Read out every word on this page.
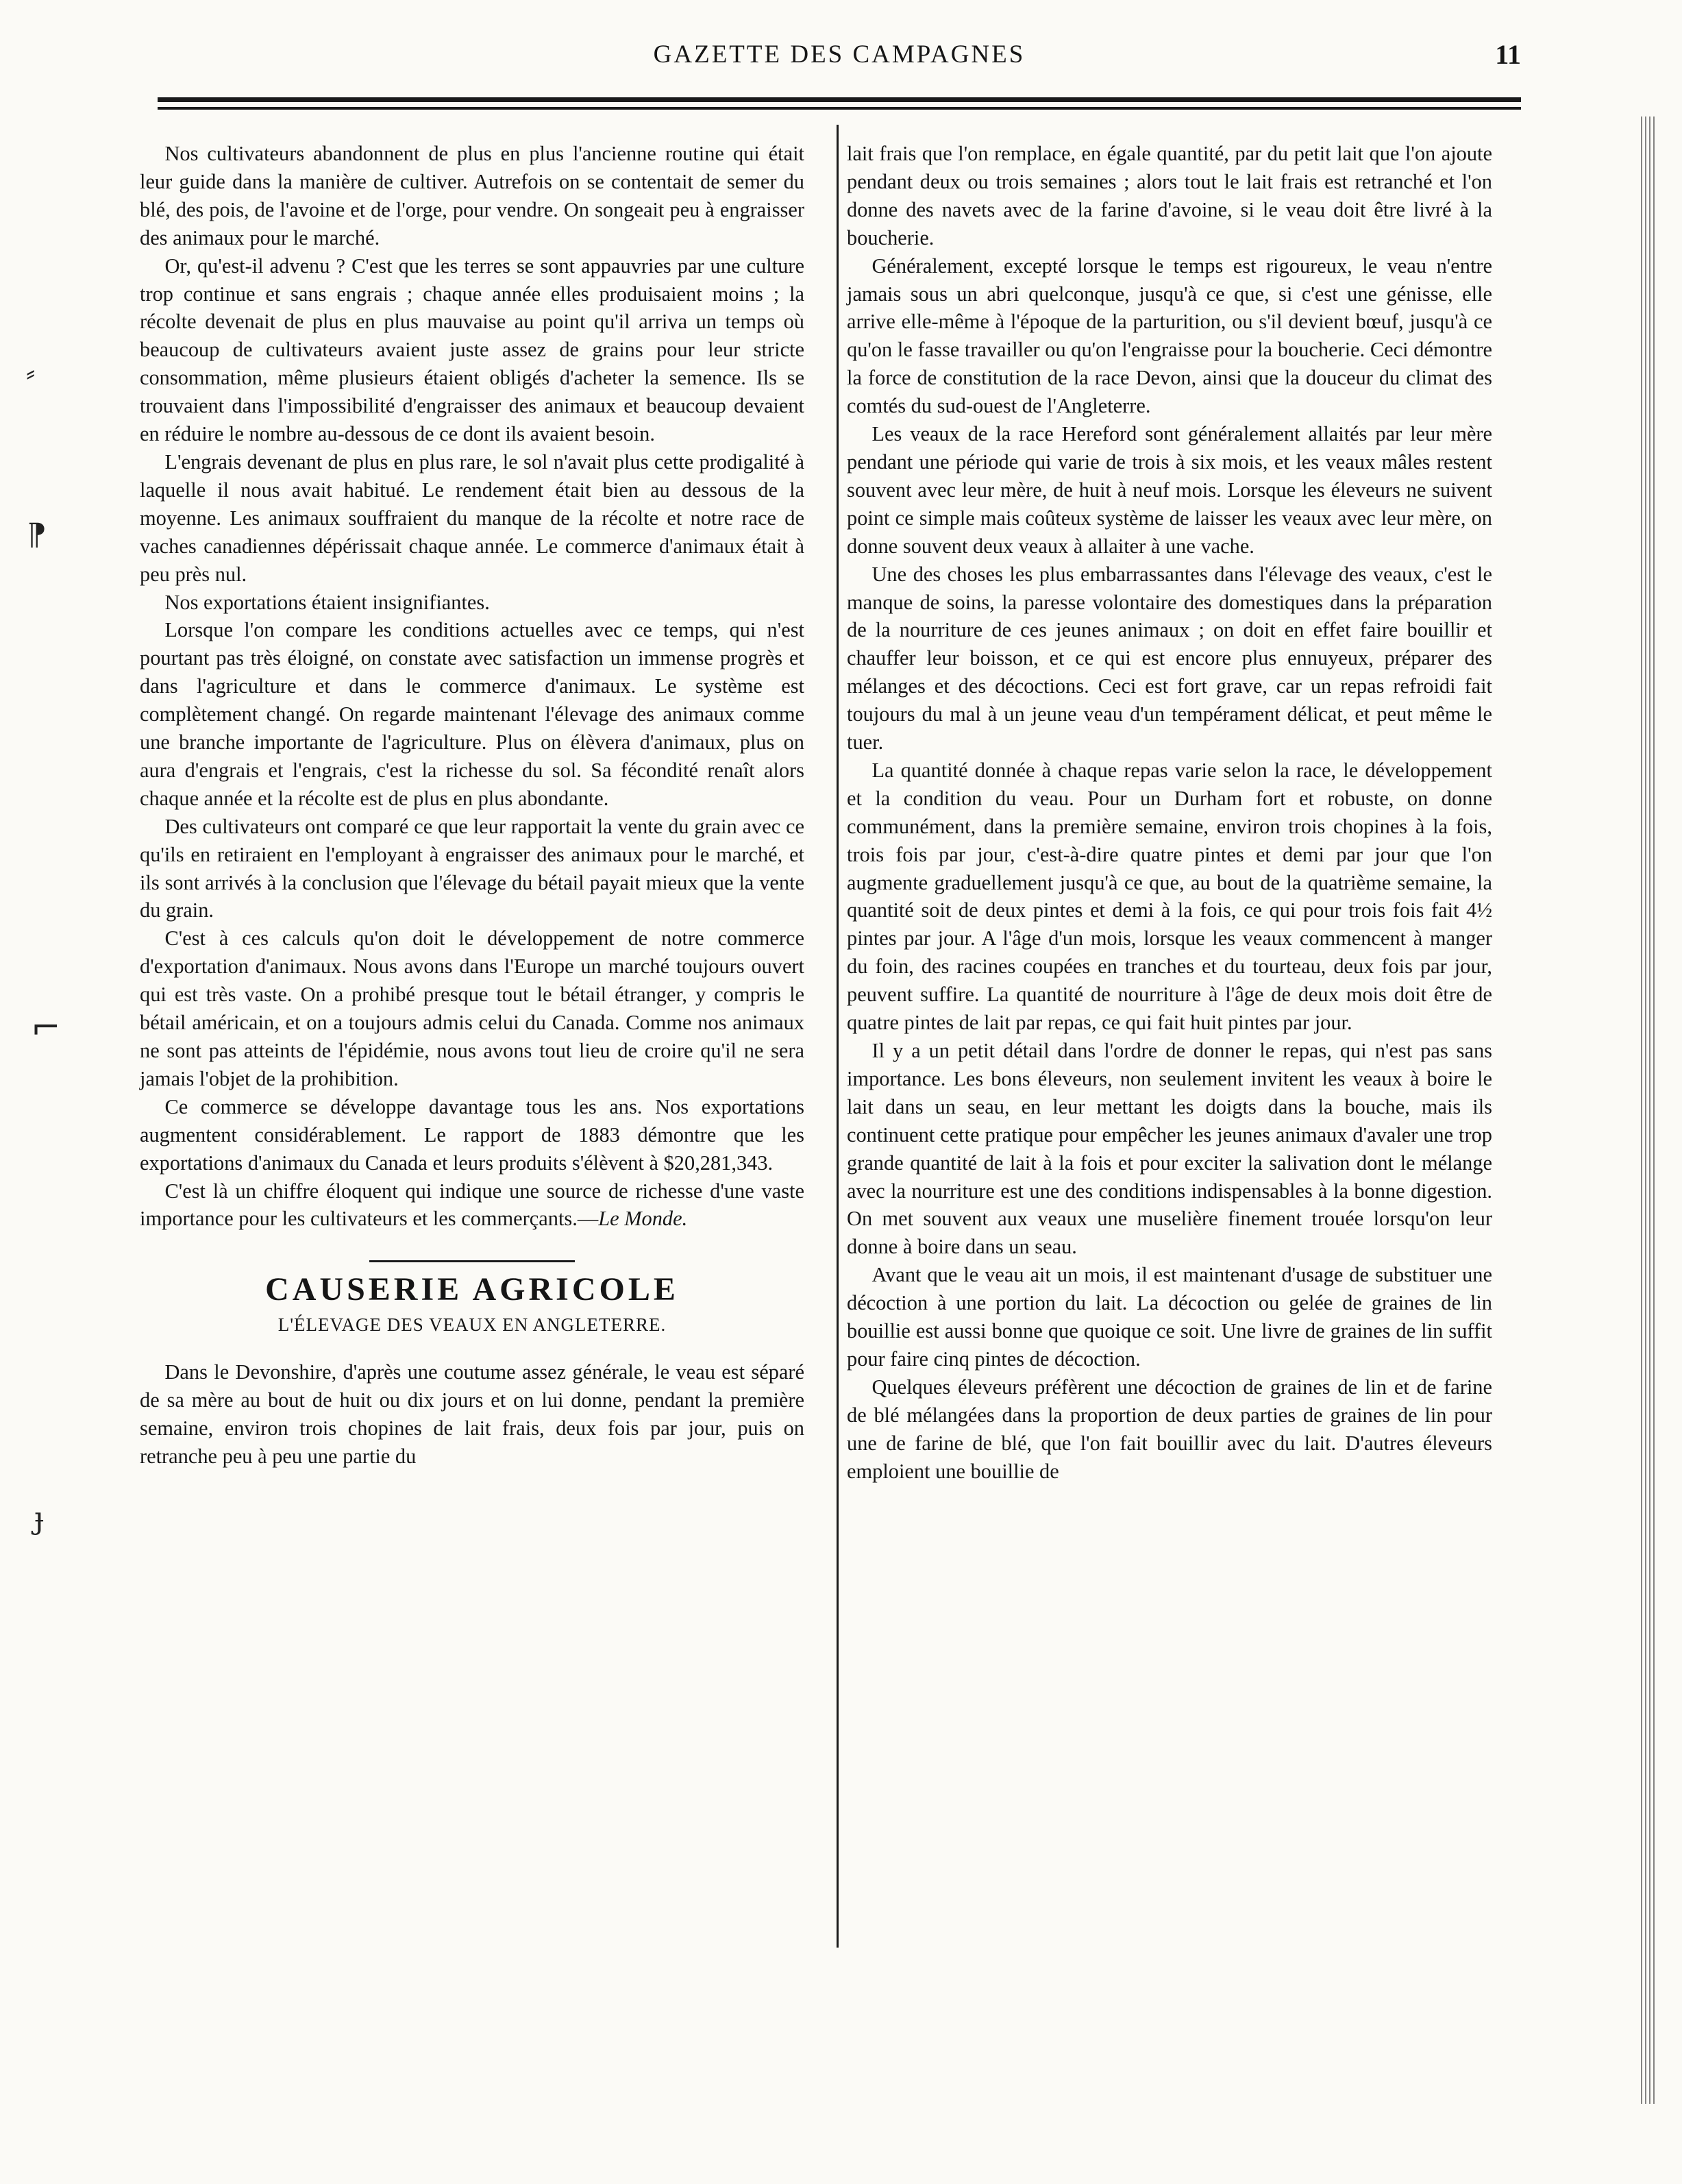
GAZETTE DES CAMPAGNES	11
⸗
⁋
⌐
ɟ

Nos cultivateurs abandonnent de plus en plus l'ancienne routine qui était leur guide dans la manière de cultiver. Autrefois on se contentait de semer du blé, des pois, de l'avoine et de l'orge, pour vendre. On songeait peu à engraisser des animaux pour le marché.

Or, qu'est-il advenu ? C'est que les terres se sont appauvries par une culture trop continue et sans engrais ; chaque année elles produisaient moins ; la récolte devenait de plus en plus mauvaise au point qu'il arriva un temps où beaucoup de cultivateurs avaient juste assez de grains pour leur stricte consommation, même plusieurs étaient obligés d'acheter la semence. Ils se trouvaient dans l'impossibilité d'engraisser des animaux et beaucoup devaient en réduire le nombre au-dessous de ce dont ils avaient besoin.

L'engrais devenant de plus en plus rare, le sol n'avait plus cette prodigalité à laquelle il nous avait habitué. Le rendement était bien au dessous de la moyenne. Les animaux souffraient du manque de la récolte et notre race de vaches canadiennes dépérissait chaque année. Le commerce d'animaux était à peu près nul.

Nos exportations étaient insignifiantes.

Lorsque l'on compare les conditions actuelles avec ce temps, qui n'est pourtant pas très éloigné, on constate avec satisfaction un immense progrès et dans l'agriculture et dans le commerce d'animaux. Le système est complètement changé. On regarde maintenant l'élevage des animaux comme une branche importante de l'agriculture. Plus on élèvera d'animaux, plus on aura d'engrais et l'engrais, c'est la richesse du sol. Sa fécondité renaît alors chaque année et la récolte est de plus en plus abondante.

Des cultivateurs ont comparé ce que leur rapportait la vente du grain avec ce qu'ils en retiraient en l'employant à engraisser des animaux pour le marché, et ils sont arrivés à la conclusion que l'élevage du bétail payait mieux que la vente du grain.

C'est à ces calculs qu'on doit le développement de notre commerce d'exportation d'animaux. Nous avons dans l'Europe un marché toujours ouvert qui est très vaste. On a prohibé presque tout le bétail étranger, y compris le bétail américain, et on a toujours admis celui du Canada. Comme nos animaux ne sont pas atteints de l'épidémie, nous avons tout lieu de croire qu'il ne sera jamais l'objet de la prohibition.

Ce commerce se développe davantage tous les ans. Nos exportations augmentent considérablement. Le rapport de 1883 démontre que les exportations d'animaux du Canada et leurs produits s'élèvent à $20,281,343.

C'est là un chiffre éloquent qui indique une source de richesse d'une vaste importance pour les cultivateurs et les commerçants.—Le Monde.

CAUSERIE AGRICOLE
L'ÉLEVAGE DES VEAUX EN ANGLETERRE.

Dans le Devonshire, d'après une coutume assez générale, le veau est séparé de sa mère au bout de huit ou dix jours et on lui donne, pendant la première semaine, environ trois chopines de lait frais, deux fois par jour, puis on retranche peu à peu une partie du

lait frais que l'on remplace, en égale quantité, par du petit lait que l'on ajoute pendant deux ou trois semaines ; alors tout le lait frais est retranché et l'on donne des navets avec de la farine d'avoine, si le veau doit être livré à la boucherie.

Généralement, excepté lorsque le temps est rigoureux, le veau n'entre jamais sous un abri quelconque, jusqu'à ce que, si c'est une génisse, elle arrive elle-même à l'époque de la parturition, ou s'il devient bœuf, jusqu'à ce qu'on le fasse travailler ou qu'on l'engraisse pour la boucherie. Ceci démontre la force de constitution de la race Devon, ainsi que la douceur du climat des comtés du sud-ouest de l'Angleterre.

Les veaux de la race Hereford sont généralement allaités par leur mère pendant une période qui varie de trois à six mois, et les veaux mâles restent souvent avec leur mère, de huit à neuf mois. Lorsque les éleveurs ne suivent point ce simple mais coûteux système de laisser les veaux avec leur mère, on donne souvent deux veaux à allaiter à une vache.

Une des choses les plus embarrassantes dans l'élevage des veaux, c'est le manque de soins, la paresse volontaire des domestiques dans la préparation de la nourriture de ces jeunes animaux ; on doit en effet faire bouillir et chauffer leur boisson, et ce qui est encore plus ennuyeux, préparer des mélanges et des décoctions. Ceci est fort grave, car un repas refroidi fait toujours du mal à un jeune veau d'un tempérament délicat, et peut même le tuer.

La quantité donnée à chaque repas varie selon la race, le développement et la condition du veau. Pour un Durham fort et robuste, on donne communément, dans la première semaine, environ trois chopines à la fois, trois fois par jour, c'est-à-dire quatre pintes et demi par jour que l'on augmente graduellement jusqu'à ce que, au bout de la quatrième semaine, la quantité soit de deux pintes et demi à la fois, ce qui pour trois fois fait 4½ pintes par jour. A l'âge d'un mois, lorsque les veaux commencent à manger du foin, des racines coupées en tranches et du tourteau, deux fois par jour, peuvent suffire. La quantité de nourriture à l'âge de deux mois doit être de quatre pintes de lait par repas, ce qui fait huit pintes par jour.

Il y a un petit détail dans l'ordre de donner le repas, qui n'est pas sans importance. Les bons éleveurs, non seulement invitent les veaux à boire le lait dans un seau, en leur mettant les doigts dans la bouche, mais ils continuent cette pratique pour empêcher les jeunes animaux d'avaler une trop grande quantité de lait à la fois et pour exciter la salivation dont le mélange avec la nourriture est une des conditions indispensables à la bonne digestion. On met souvent aux veaux une muselière finement trouée lorsqu'on leur donne à boire dans un seau.

Avant que le veau ait un mois, il est maintenant d'usage de substituer une décoction à une portion du lait. La décoction ou gelée de graines de lin bouillie est aussi bonne que quoique ce soit. Une livre de graines de lin suffit pour faire cinq pintes de décoction.

Quelques éleveurs préfèrent une décoction de graines de lin et de farine de blé mélangées dans la proportion de deux parties de graines de lin pour une de farine de blé, que l'on fait bouillir avec du lait. D'autres éleveurs emploient une bouillie de
